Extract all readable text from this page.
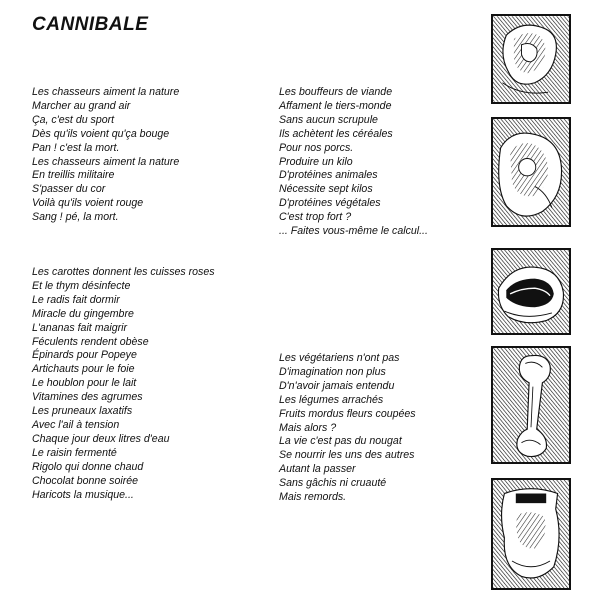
CANNIBALE
Les chasseurs aiment la nature
Marcher au grand air
Ça, c'est du sport
Dès qu'ils voient qu'ça bouge
Pan ! c'est la mort.
Les chasseurs aiment la nature
En treillis militaire
S'passer du cor
Voilà qu'ils voient rouge
Sang ! pé, la mort.
Les bouffeurs de viande
Affament le tiers-monde
Sans aucun scrupule
Ils achètent les céréales
Pour nos porcs.
Produire un kilo
D'protéines animales
Nécessite sept kilos
D'protéines végétales
C'est trop fort ?
... Faites vous-même le calcul...
Les carottes donnent les cuisses roses
Et le thym désinfecte
Le radis fait dormir
Miracle du gingembre
L'ananas fait maigrir
Féculents rendent obèse
Épinards pour Popeye
Artichauts pour le foie
Le houblon pour le lait
Vitamines des agrumes
Les pruneaux laxatifs
Avec l'ail à tension
Chaque jour deux litres d'eau
Le raisin fermenté
Rigolo qui donne chaud
Chocolat bonne soirée
Haricots la musique...
Les végétariens n'ont pas
D'imagination non plus
D'n'avoir jamais entendu
Les légumes arrachés
Fruits mordus fleurs coupées
Mais alors ?
La vie c'est pas du nougat
Se nourrir les uns des autres
Autant la passer
Sans gâchis ni cruauté
Mais remords.
